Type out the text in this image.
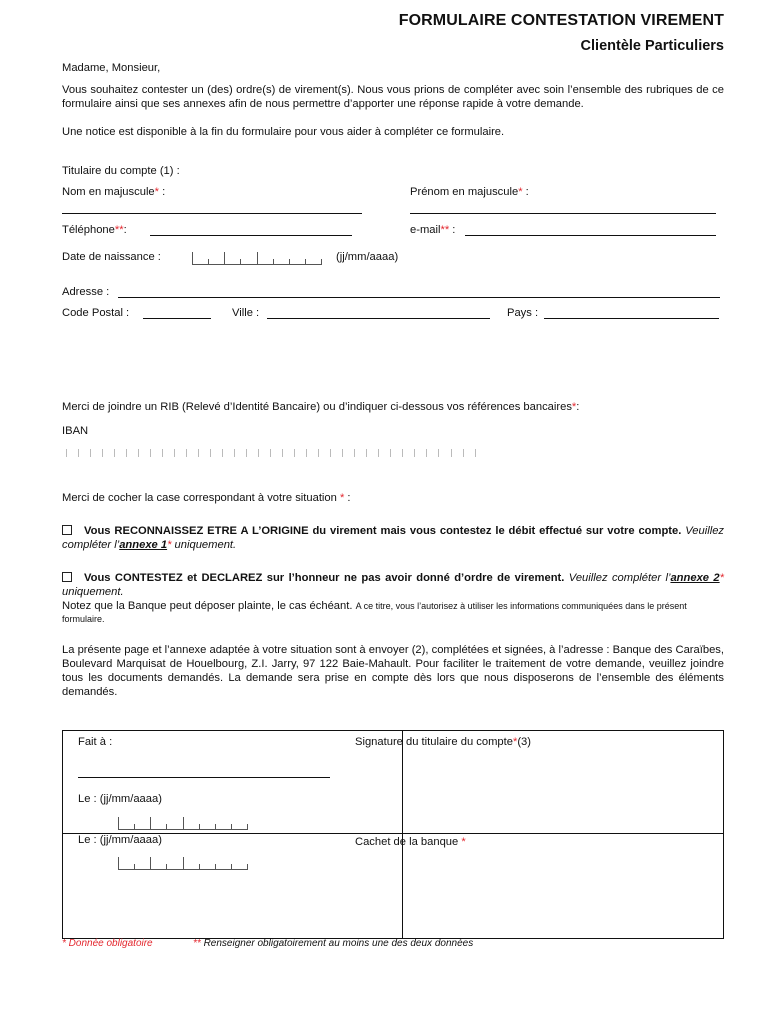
FORMULAIRE CONTESTATION VIREMENT
Clientèle Particuliers
Madame, Monsieur,
Vous souhaitez contester un (des) ordre(s) de virement(s). Nous vous prions de compléter avec soin l’ensemble des rubriques de ce formulaire ainsi que ses annexes afin de nous permettre d’apporter une réponse rapide à votre demande.
Une notice est disponible à la fin du formulaire pour vous aider à compléter ce formulaire.
Titulaire du compte (1) :
Nom en majuscule* :	Prénom en majuscule* :
Téléphone**:	e-mail** :
Date de naissance :	(jj/mm/aaaa)
Adresse :
Code Postal :	Ville :	Pays :
Merci de joindre un RIB (Relevé d’Identité Bancaire) ou d’indiquer ci-dessous vos références bancaires*:
IBAN
Merci de cocher la case correspondant à votre situation * :
Vous RECONNAISSEZ ETRE A L’ORIGINE du virement mais vous contestez le débit effectué sur votre compte. Veuillez compléter l’annexe 1* uniquement.
Vous CONTESTEZ et DECLAREZ sur l’honneur ne pas avoir donné d’ordre de virement. Veuillez compléter l’annexe 2* uniquement.
Notez que la Banque peut déposer plainte, le cas échéant. A ce titre, vous l’autorisez à utiliser les informations communiquées dans le présent formulaire.
La présente page et l’annexe adaptée à votre situation sont à envoyer (2), complétées et signées, à l’adresse : Banque des Caraïbes, Boulevard Marquisat de Houelbourg, Z.I. Jarry, 97 122 Baie-Mahault. Pour faciliter le traitement de votre demande, veuillez joindre tous les documents demandés. La demande sera prise en compte dès lors que nous disposerons de l’ensemble des éléments demandés.
Fait à :
Le : (jj/mm/aaaa)
Le : (jj/mm/aaaa)
Signature du titulaire du compte*(3)
Cachet de la banque *
* Donnée obligatoire	** Renseigner obligatoirement au moins une des deux données
